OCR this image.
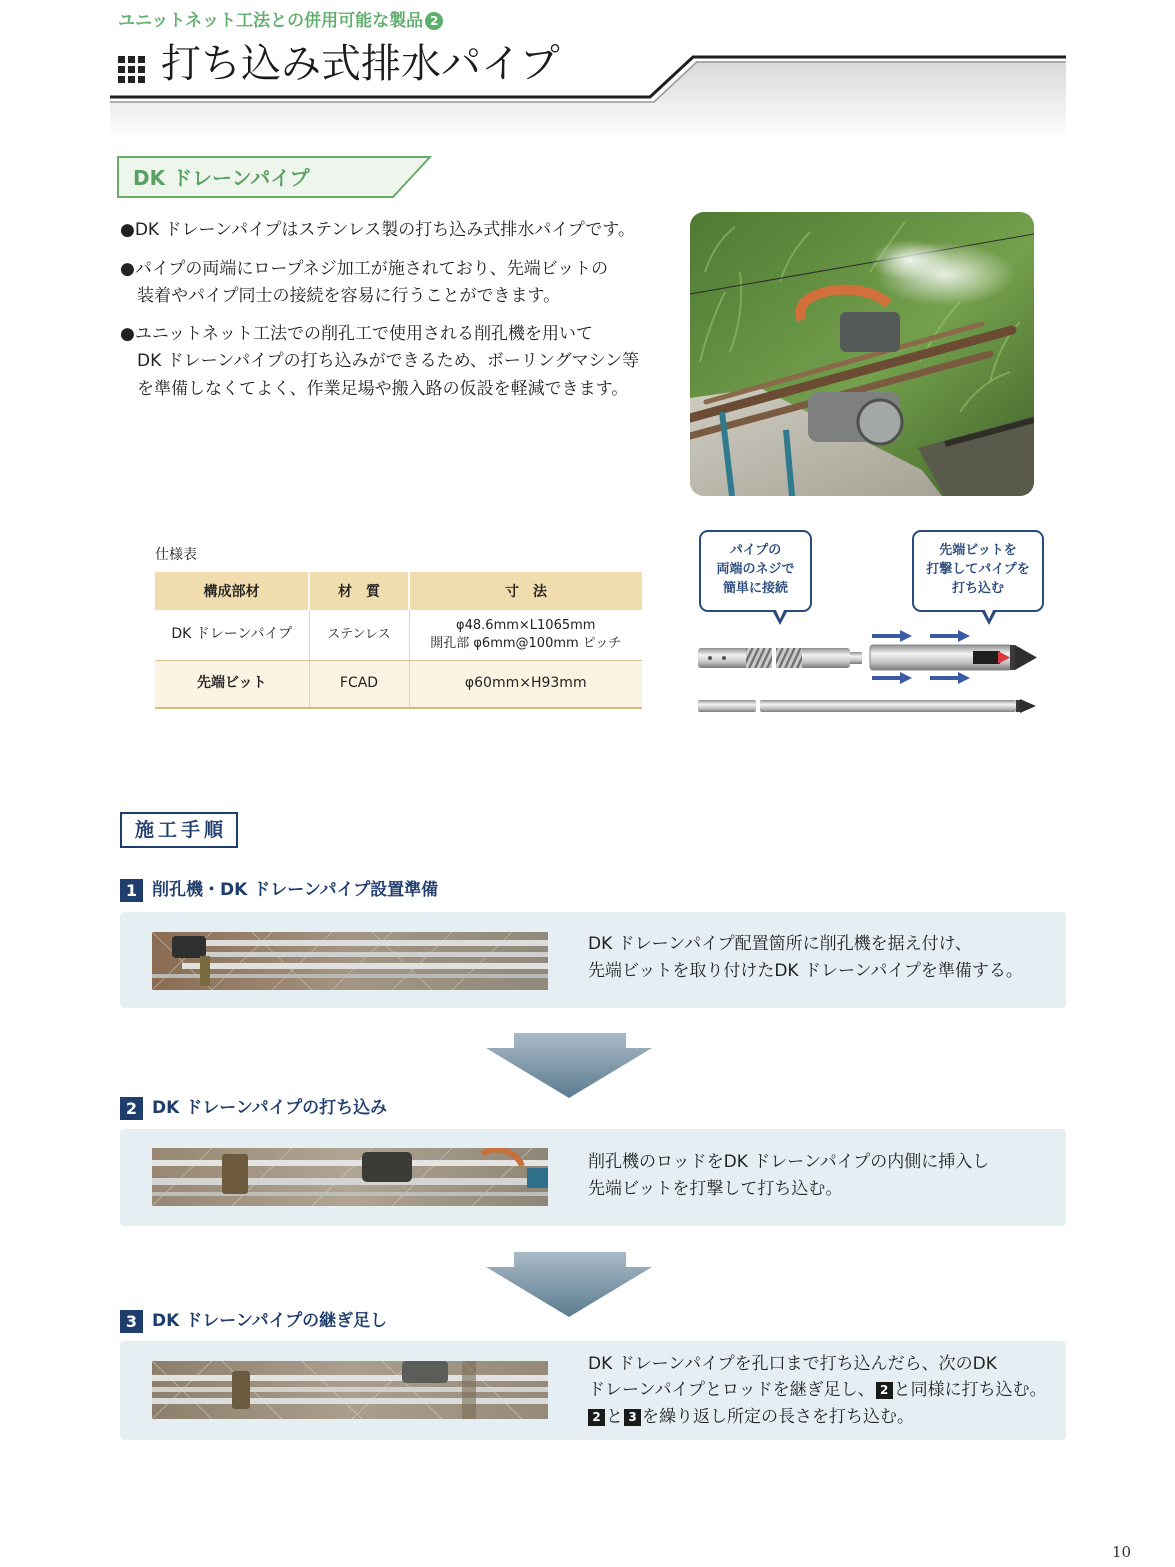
ユニットネット工法との併用可能な製品 2
打ち込み式排水パイプ
DK ドレーンパイプ
●DK ドレーンパイプはステンレス製の打ち込み式排水パイプです。
●パイプの両端にロープネジ加工が施されており、先端ビットの
装着やパイプ同士の接続を容易に行うことができます。
●ユニットネット工法での削孔工で使用される削孔機を用いて
DK ドレーンパイプの打ち込みができるため、ボーリングマシン等
を準備しなくてよく、作業足場や搬入路の仮設を軽減できます。
仕様表
構成部材	材　質	寸　法
DK ドレーンパイプ	ステンレス	φ48.6mm×L1065mm
開孔部 φ6mm@100mm ピッチ

先端ビット	FCAD	φ60mm×H93mm
パイプの
両端のネジで
簡単に接続
先端ビットを
打撃してパイプを
打ち込む
施工手順
1 削孔機・DK ドレーンパイプ設置準備
DK ドレーンパイプ配置箇所に削孔機を据え付け、
先端ビットを取り付けたDK ドレーンパイプを準備する。
2 DK ドレーンパイプの打ち込み
削孔機のロッドをDK ドレーンパイプの内側に挿入し
先端ビットを打撃して打ち込む。
3 DK ドレーンパイプの継ぎ足し
DK ドレーンパイプを孔口まで打ち込んだら、次のDK
ドレーンパイプとロッドを継ぎ足し、 2 と同様に打ち込む。
2 と 3 を繰り返し所定の長さを打ち込む。
10
